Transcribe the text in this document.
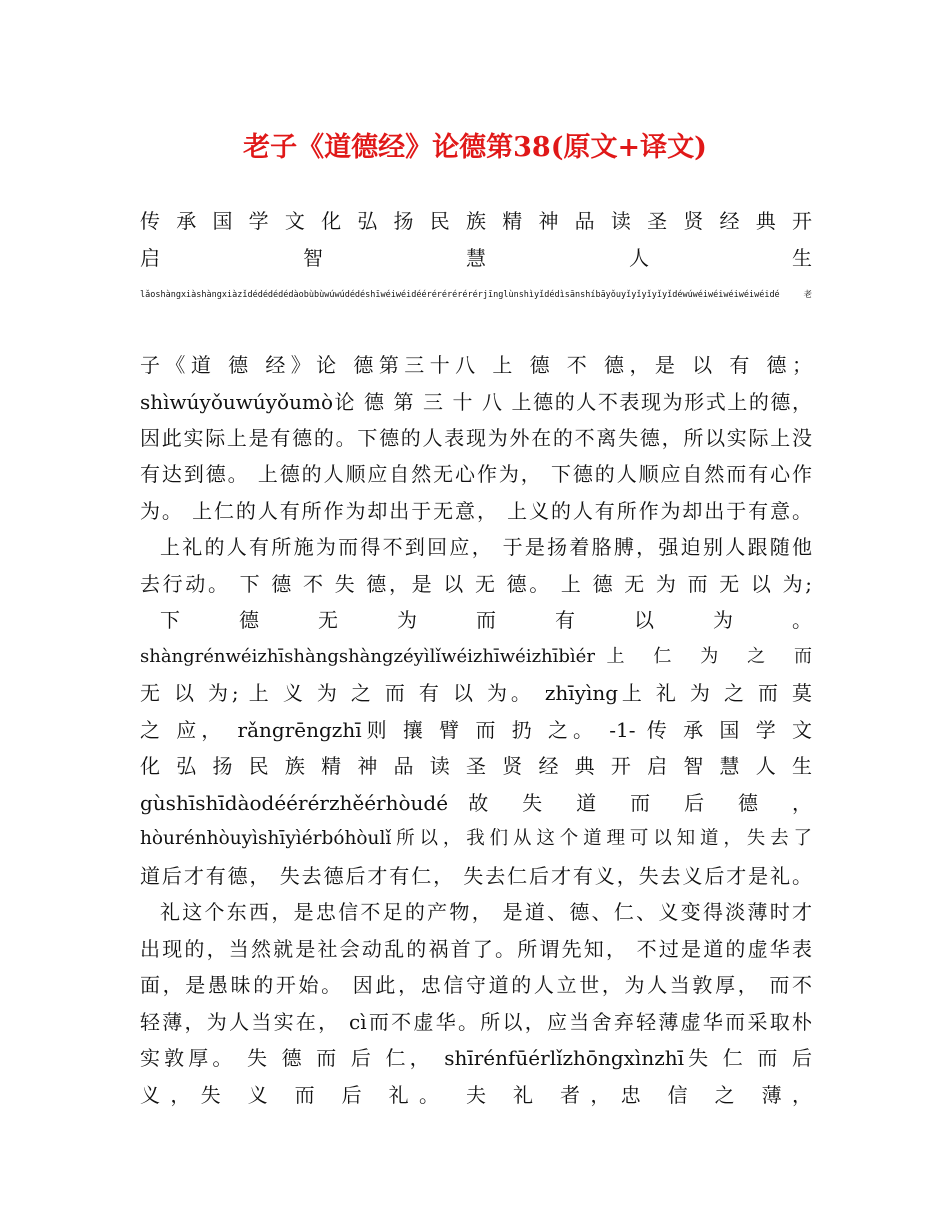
老子《道德经》论德第38(原文+译文)
传 承 国 学 文 化 弘 扬 民 族 精 神 品 读 圣 贤 经 典 开
启 智 慧 人 生
lǎoshàngxiàshàngxiàzǐdédédédédàobùbùwúwúdédéshīwéiwéidéérérérérérérjīnglùnshìyǐdédìsānshíbāyǒuyǐyǐyǐyǐyǐdéwúwéiwéiwéiwéiwéidé 老
子《道 德 经》论 德第三十八 上 德 不 德，是 以 有 德；
shìwúyǒuwúyǒumò论 德 第 三 十 八 上德的人不表现为形式上的德，
因此实际上是有德的。下德的人表现为外在的不离失德，所以实际上没
有达到德。 上德的人顺应自然无心作为， 下德的人顺应自然而有心作
为。 上仁的人有所作为却出于无意， 上义的人有所作为却出于有意。
上礼的人有所施为而得不到回应， 于是扬着胳膊，强迫别人跟随他
去行动。 下 德 不 失 德，是 以 无 德。 上 德 无 为 而 无 以 为;
下 德 无 为 而 有 以 为 。
shàngrénwéizhīshàngshàngzéyìlǐwéizhīwéizhībìér上 仁 为 之 而
无 以 为; 上 义 为 之 而 有 以 为。 zhīyìng上 礼 为 之 而 莫
之 应， rǎngrēngzhī则 攘 臂 而 扔 之。 -1- 传 承 国 学 文
化 弘 扬 民 族 精 神 品 读 圣 贤 经 典 开 启 智 慧 人 生
gùshīshīdàodéérérzhěérhòudé 故 失 道 而 后 德 ，
hòurénhòuyìshīyìérbóhòulǐ所以，我们从这个道理可以知道，失去了
道后才有德， 失去德后才有仁， 失去仁后才有义，失去义后才是礼。
礼这个东西，是忠信不足的产物， 是道、德、仁、义变得淡薄时才
出现的，当然就是社会动乱的祸首了。所谓先知， 不过是道的虚华表
面，是愚昧的开始。 因此，忠信守道的人立世，为人当敦厚， 而不
轻薄，为人当实在， cì而不虚华。所以，应当舍弃轻薄虚华而采取朴
实敦厚。 失 德 而 后 仁， shīrénfūérlǐzhōngxìnzhī失 仁 而 后
义，失 义 而 后 礼。 夫 礼 者，忠 信 之 薄，
